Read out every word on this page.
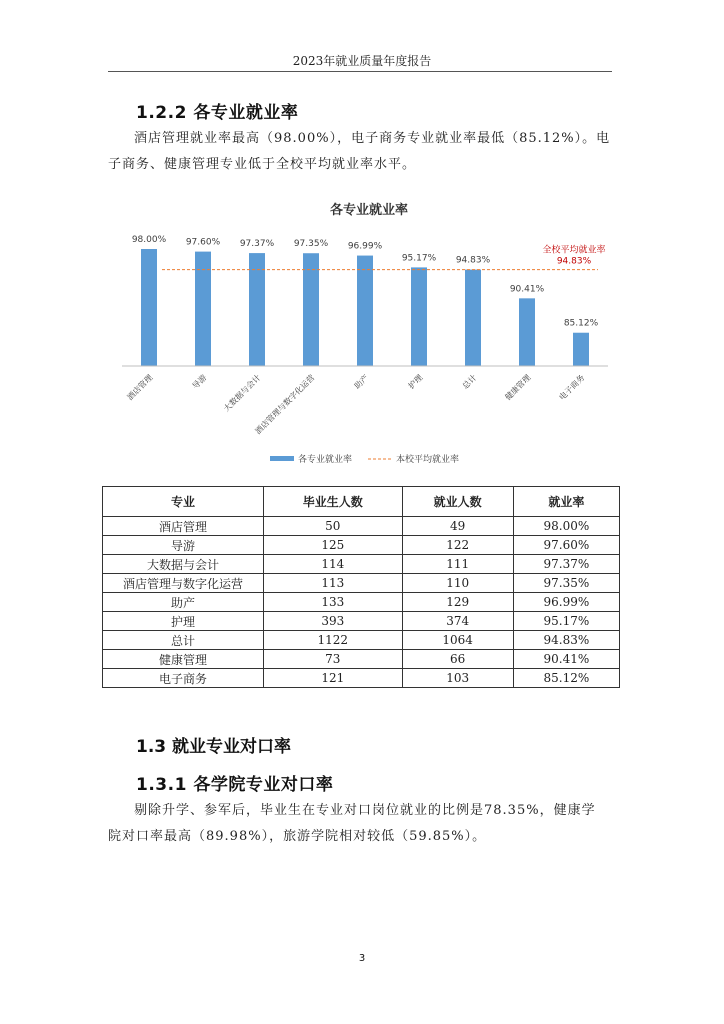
2023年就业质量年度报告
1.2.2 各专业就业率
酒店管理就业率最高（98.00%），电子商务专业就业率最低（85.12%）。电
子商务、健康管理专业低于全校平均就业率水平。
各专业就业率
98.00%
酒店管理
97.60%
导游
97.37%
大数据与会计
97.35%
酒店管理与数字化运营
96.99%
助产
95.17%
护理
94.83%
总计
90.41%
健康管理
85.12%
电子商务
全校平均就业率
94.83%
各专业就业率	本校平均就业率
专业	毕业生人数	就业人数	就业率
酒店管理	50	49	98.00%
导游	125	122	97.60%
大数据与会计	114	111	97.37%
酒店管理与数字化运营	113	110	97.35%
助产	133	129	96.99%
护理	393	374	95.17%
总计	1122	1064	94.83%
健康管理	73	66	90.41%
电子商务	121	103	85.12%
1.3 就业专业对口率
1.3.1 各学院专业对口率
剔除升学、参军后，毕业生在专业对口岗位就业的比例是78.35%，健康学
院对口率最高（89.98%），旅游学院相对较低（59.85%）。
3
